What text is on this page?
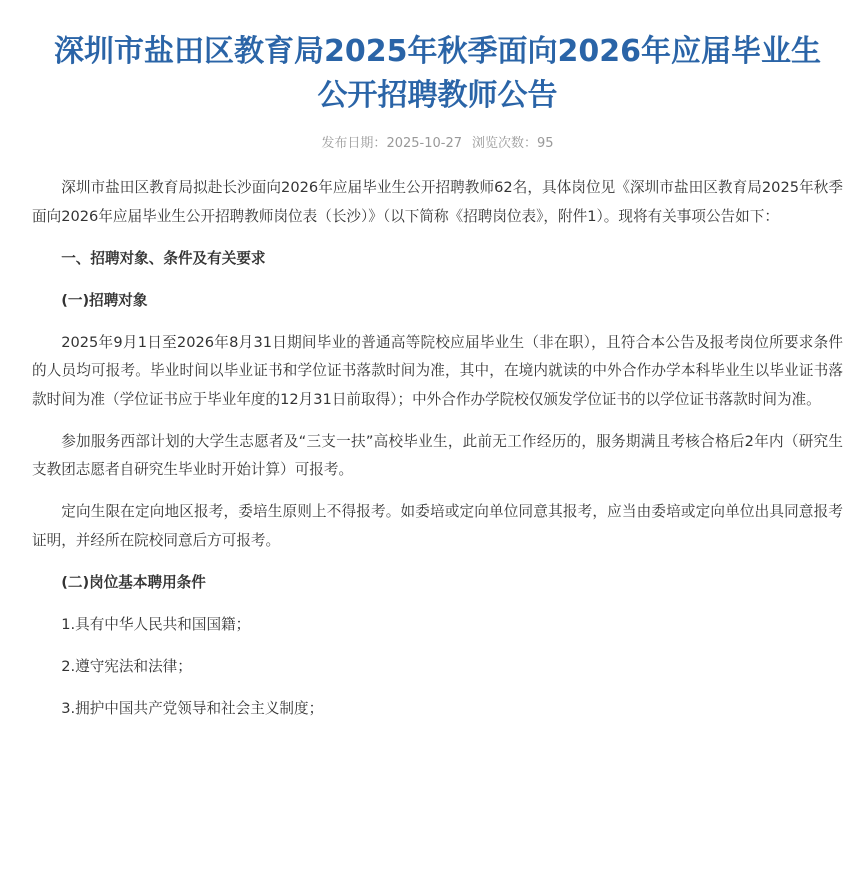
深圳市盐田区教育局2025年秋季面向2026年应届毕业生
公开招聘教师公告
发布日期：2025-10-27 浏览次数：95

深圳市盐田区教育局拟赴长沙面向2026年应届毕业生公开招聘教师62名，具体岗位见《深圳市盐田区教育局2025年秋季面向2026年应届毕业生公开招聘教师岗位表（长沙）》（以下简称《招聘岗位表》，附件1）。现将有关事项公告如下：

一、招聘对象、条件及有关要求

(一)招聘对象

2025年9月1日至2026年8月31日期间毕业的普通高等院校应届毕业生（非在职），且符合本公告及报考岗位所要求条件的人员均可报考。毕业时间以毕业证书和学位证书落款时间为准，其中，在境内就读的中外合作办学本科毕业生以毕业证书落款时间为准（学位证书应于毕业年度的12月31日前取得）；中外合作办学院校仅颁发学位证书的以学位证书落款时间为准。

参加服务西部计划的大学生志愿者及“三支一扶”高校毕业生，此前无工作经历的，服务期满且考核合格后2年内（研究生支教团志愿者自研究生毕业时开始计算）可报考。

定向生限在定向地区报考，委培生原则上不得报考。如委培或定向单位同意其报考，应当由委培或定向单位出具同意报考证明，并经所在院校同意后方可报考。

(二)岗位基本聘用条件

1.具有中华人民共和国国籍；

2.遵守宪法和法律；

3.拥护中国共产党领导和社会主义制度；
